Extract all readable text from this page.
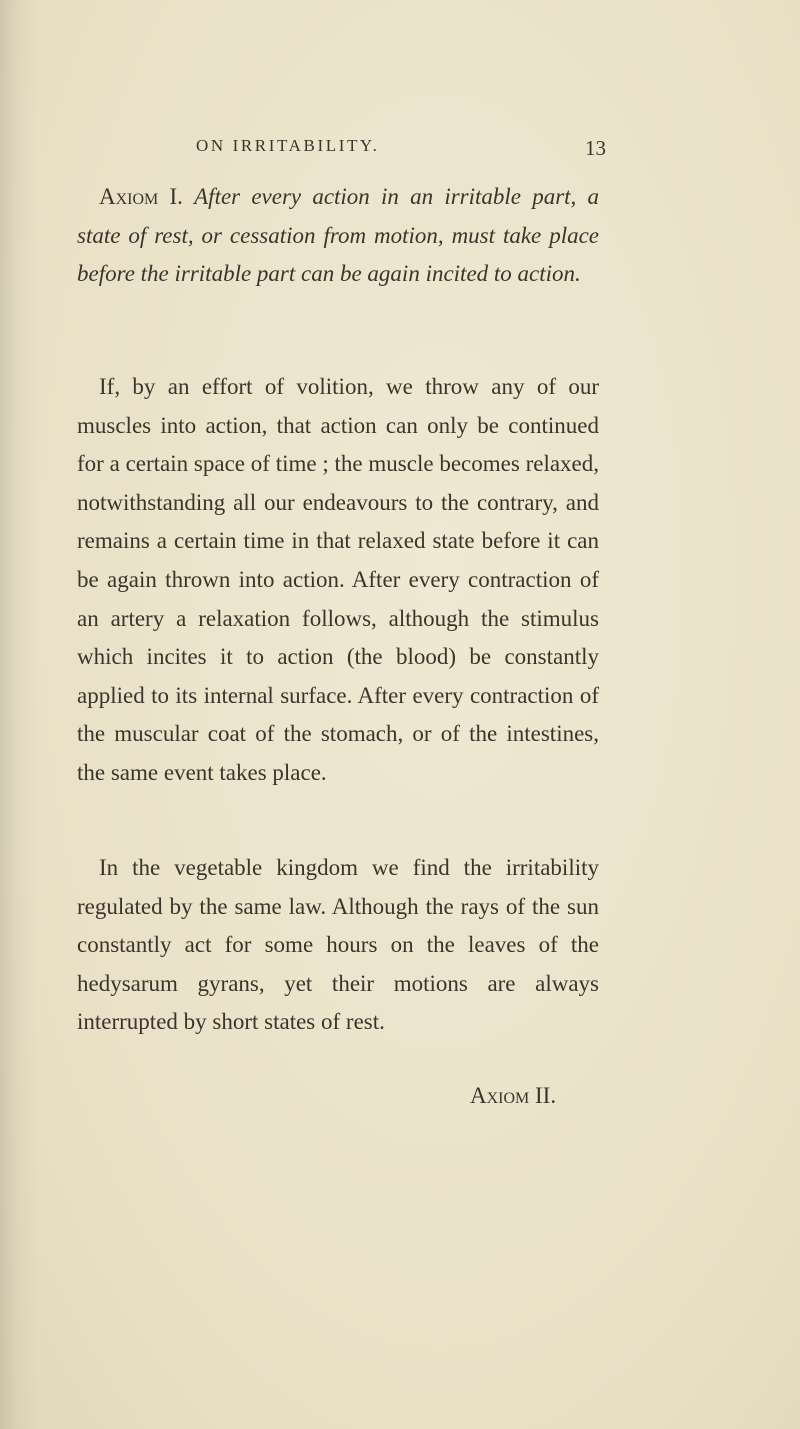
ON IRRITABILITY.	13

Axiom I. After every action in an irritable part, a state of rest, or cessation from motion, must take place before the irritable part can be again incited to action.

If, by an effort of volition, we throw any of our muscles into action, that action can only be continued for a certain space of time ; the muscle becomes relaxed, notwithstanding all our endeavours to the contrary, and remains a certain time in that relaxed state before it can be again thrown into action. After every contraction of an artery a relaxation follows, although the stimulus which incites it to action (the blood) be constantly applied to its internal surface. After every contraction of the muscular coat of the stomach, or of the intestines, the same event takes place.

In the vegetable kingdom we find the irritability regulated by the same law. Although the rays of the sun constantly act for some hours on the leaves of the hedysarum gyrans, yet their motions are always interrupted by short states of rest.

Axiom II.
